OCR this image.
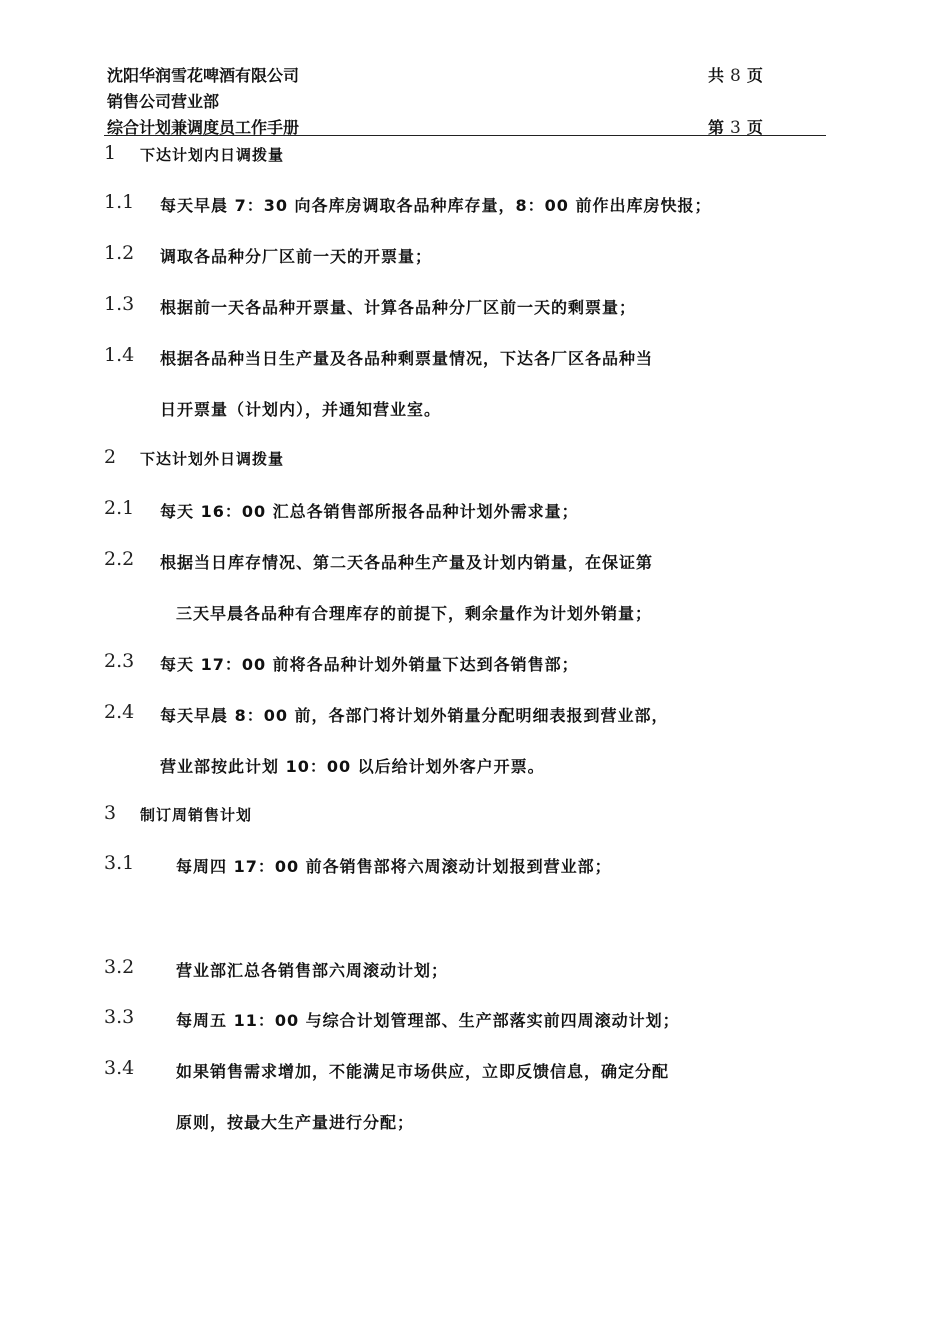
沈阳华润雪花啤酒有限公司
销售公司营业部
综合计划兼调度员工作手册
共 8 页
第 3 页
1 下达计划内日调拨量
1.1 每天早晨 7：30 向各库房调取各品种库存量，8：00 前作出库房快报；
1.2 调取各品种分厂区前一天的开票量；
1.3 根据前一天各品种开票量、计算各品种分厂区前一天的剩票量；
1.4 根据各品种当日生产量及各品种剩票量情况，下达各厂区各品种当
日开票量（计划内），并通知营业室。
2 下达计划外日调拨量
2.1 每天 16：00 汇总各销售部所报各品种计划外需求量；
2.2 根据当日库存情况、第二天各品种生产量及计划内销量，在保证第
三天早晨各品种有合理库存的前提下，剩余量作为计划外销量；
2.3 每天 17：00 前将各品种计划外销量下达到各销售部；
2.4 每天早晨 8：00 前，各部门将计划外销量分配明细表报到营业部，
营业部按此计划 10：00 以后给计划外客户开票。
3 制订周销售计划
3.1	每周四 17：00 前各销售部将六周滚动计划报到营业部；
3.2	营业部汇总各销售部六周滚动计划；
3.3	每周五 11：00 与综合计划管理部、生产部落实前四周滚动计划；
3.4	如果销售需求增加，不能满足市场供应，立即反馈信息，确定分配
原则，按最大生产量进行分配；
